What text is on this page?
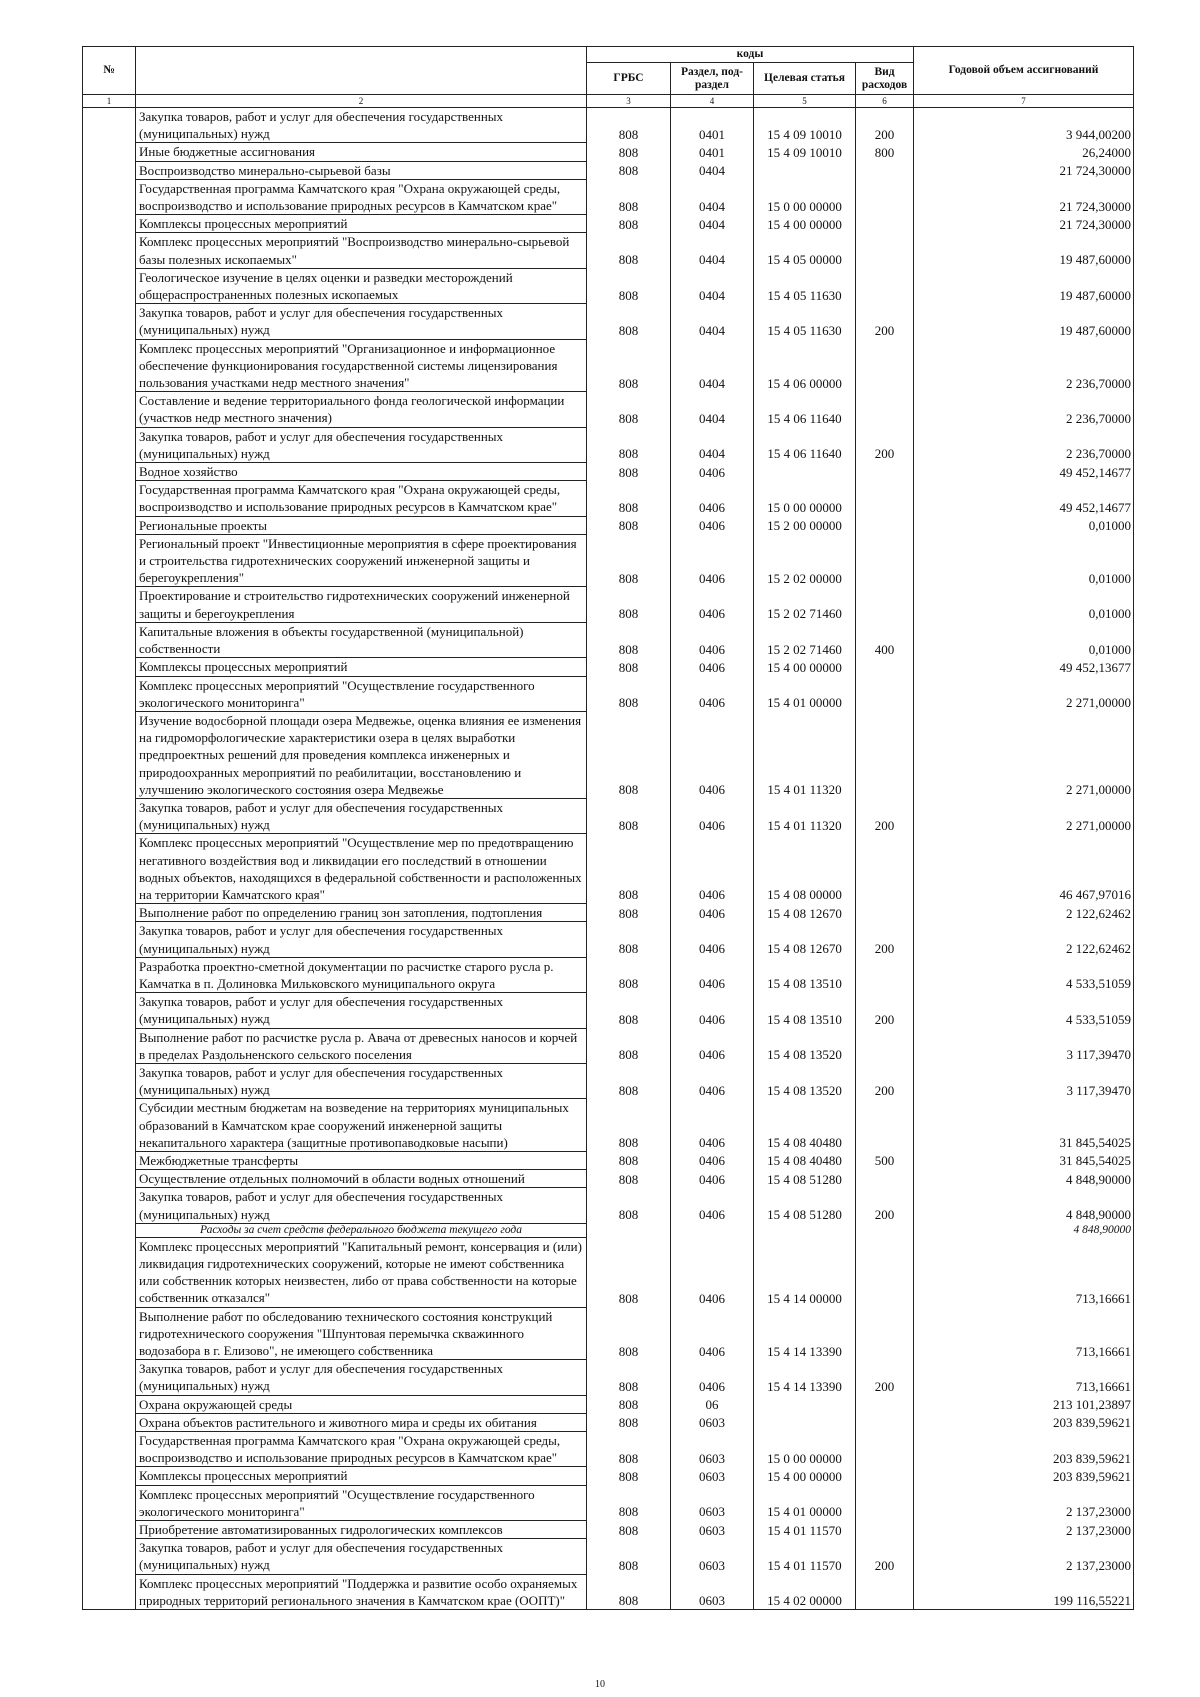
№		коды				Годовой объем ассигнований
		ГРБС	Раздел, под-раздел	Целевая статья	Вид расходов	
1	2	3	4	5	6	7
	Закупка товаров, работ и услуг для обеспечения государственных (муниципальных) нужд	808	0401	15 4 09 10010	200	3 944,00200
	Иные бюджетные ассигнования	808	0401	15 4 09 10010	800	26,24000
	Воспроизводство минерально-сырьевой базы	808	0404			21 724,30000
	Государственная программа Камчатского края "Охрана окружающей среды, воспроизводство и использование природных ресурсов в Камчатском крае"	808	0404	15 0 00 00000		21 724,30000
	Комплексы процессных мероприятий	808	0404	15 4 00 00000		21 724,30000
	Комплекс процессных мероприятий "Воспроизводство минерально-сырьевой базы полезных ископаемых"	808	0404	15 4 05 00000		19 487,60000
	Геологическое изучение в целях оценки и разведки месторождений общераспространенных полезных ископаемых	808	0404	15 4 05 11630		19 487,60000
	Закупка товаров, работ и услуг для обеспечения государственных (муниципальных) нужд	808	0404	15 4 05 11630	200	19 487,60000
	Комплекс процессных мероприятий "Организационное и информационное обеспечение функционирования государственной системы лицензирования пользования участками недр местного значения"	808	0404	15 4 06 00000		2 236,70000
	Составление и ведение территориального фонда геологической информации (участков недр местного значения)	808	0404	15 4 06 11640		2 236,70000
	Закупка товаров, работ и услуг для обеспечения государственных (муниципальных) нужд	808	0404	15 4 06 11640	200	2 236,70000
	Водное хозяйство	808	0406			49 452,14677
	Государственная программа Камчатского края "Охрана окружающей среды, воспроизводство и использование природных ресурсов в Камчатском крае"	808	0406	15 0 00 00000		49 452,14677
	Региональные проекты	808	0406	15 2 00 00000		0,01000
	Региональный проект "Инвестиционные мероприятия в сфере проектирования и строительства гидротехнических сооружений инженерной защиты и берегоукрепления"	808	0406	15 2 02 00000		0,01000
	Проектирование и строительство гидротехнических сооружений инженерной защиты и берегоукрепления	808	0406	15 2 02 71460		0,01000
	Капитальные вложения в объекты государственной (муниципальной) собственности	808	0406	15 2 02 71460	400	0,01000
	Комплексы процессных мероприятий	808	0406	15 4 00 00000		49 452,13677
	Комплекс процессных мероприятий "Осуществление государственного экологического мониторинга"	808	0406	15 4 01 00000		2 271,00000
	Изучение водосборной площади озера Медвежье, оценка влияния ее изменения на гидроморфологические характеристики озера в целях выработки предпроектных решений для проведения комплекса инженерных и природоохранных мероприятий по реабилитации, восстановлению и улучшению экологического состояния озера Медвежье	808	0406	15 4 01 11320		2 271,00000
	Закупка товаров, работ и услуг для обеспечения государственных (муниципальных) нужд	808	0406	15 4 01 11320	200	2 271,00000
	Комплекс процессных мероприятий "Осуществление мер по предотвращению негативного воздействия вод и ликвидации его последствий в отношении водных объектов, находящихся в федеральной собственности и расположенных на территории Камчатского края"	808	0406	15 4 08 00000		46 467,97016
	Выполнение работ по определению границ зон затопления, подтопления	808	0406	15 4 08 12670		2 122,62462
	Закупка товаров, работ и услуг для обеспечения государственных (муниципальных) нужд	808	0406	15 4 08 12670	200	2 122,62462
	Разработка проектно-сметной документации по расчистке старого русла р. Камчатка в п. Долиновка Мильковского муниципального округа	808	0406	15 4 08 13510		4 533,51059
	Закупка товаров, работ и услуг для обеспечения государственных (муниципальных) нужд	808	0406	15 4 08 13510	200	4 533,51059
	Выполнение работ по расчистке русла р. Авача от древесных наносов и корчей в пределах Раздольненского сельского поселения	808	0406	15 4 08 13520		3 117,39470
	Закупка товаров, работ и услуг для обеспечения государственных (муниципальных) нужд	808	0406	15 4 08 13520	200	3 117,39470
	Субсидии местным бюджетам на возведение на территориях муниципальных образований в Камчатском крае сооружений инженерной защиты некапитального характера (защитные противопаводковые насыпи)	808	0406	15 4 08 40480		31 845,54025
	Межбюджетные трансферты	808	0406	15 4 08 40480	500	31 845,54025
	Осуществление отдельных полномочий в области водных отношений	808	0406	15 4 08 51280		4 848,90000
	Закупка товаров, работ и услуг для обеспечения государственных (муниципальных) нужд	808	0406	15 4 08 51280	200	4 848,90000
	Расходы за счет средств федерального бюджета текущего года					4 848,90000
	Комплекс процессных мероприятий "Капитальный ремонт, консервация и (или) ликвидация гидротехнических сооружений, которые не имеют собственника или собственник которых неизвестен, либо от права собственности на которые собственник отказался"	808	0406	15 4 14 00000		713,16661
	Выполнение работ по обследованию технического состояния конструкций гидротехнического сооружения "Шпунтовая перемычка скважинного водозабора в г. Елизово", не имеющего собственника	808	0406	15 4 14 13390		713,16661
	Закупка товаров, работ и услуг для обеспечения государственных (муниципальных) нужд	808	0406	15 4 14 13390	200	713,16661
	Охрана окружающей среды	808	06			213 101,23897
	Охрана объектов растительного и животного мира и среды их обитания	808	0603			203 839,59621
	Государственная программа Камчатского края "Охрана окружающей среды, воспроизводство и использование природных ресурсов в Камчатском крае"	808	0603	15 0 00 00000		203 839,59621
	Комплексы процессных мероприятий	808	0603	15 4 00 00000		203 839,59621
	Комплекс процессных мероприятий "Осуществление государственного экологического мониторинга"	808	0603	15 4 01 00000		2 137,23000
	Приобретение автоматизированных гидрологических комплексов	808	0603	15 4 01 11570		2 137,23000
	Закупка товаров, работ и услуг для обеспечения государственных (муниципальных) нужд	808	0603	15 4 01 11570	200	2 137,23000
	Комплекс процессных мероприятий "Поддержка и развитие особо охраняемых природных территорий регионального значения в Камчатском крае (ООПТ)"	808	0603	15 4 02 00000		199 116,55221
10
